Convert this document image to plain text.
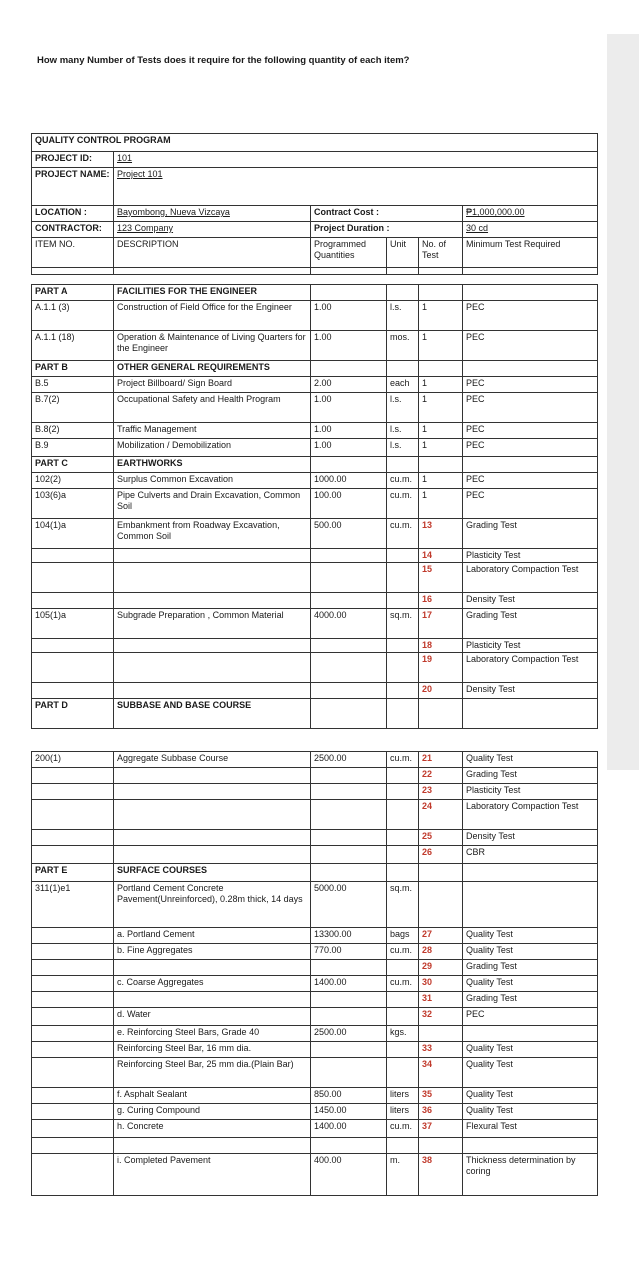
How many Number of Tests does it require for the following quantity of each item?
QUALITY CONTROL PROGRAM					
PROJECT ID:	101				
PROJECT NAME:	Project 101				
LOCATION :	Bayombong, Nueva Vizcaya	Contract Cost :			₱1,000,000.00
CONTRACTOR:	123 Company	Project Duration :			30 cd
ITEM NO.	DESCRIPTION	Programmed Quantities	Unit	No. of Test	Minimum Test Required

PART A	FACILITIES FOR THE ENGINEER				
A.1.1 (3)	Construction of Field Office for the Engineer	1.00	l.s.	1	PEC
A.1.1 (18)	Operation & Maintenance of Living Quarters for the Engineer	1.00	mos.	1	PEC
PART B	OTHER GENERAL REQUIREMENTS				
B.5	Project Billboard/ Sign Board	2.00	each	1	PEC
B.7(2)	Occupational Safety and Health Program	1.00	l.s.	1	PEC
B.8(2)	Traffic Management	1.00	l.s.	1	PEC
B.9	Mobilization / Demobilization	1.00	l.s.	1	PEC
PART C	EARTHWORKS				
102(2)	Surplus Common Excavation	1000.00	cu.m.	1	PEC
103(6)a	Pipe Culverts and Drain Excavation, Common Soil	100.00	cu.m.	1	PEC
104(1)a	Embankment from Roadway Excavation, Common Soil	500.00	cu.m.	13	Grading Test
				14	Plasticity Test
				15	Laboratory Compaction Test
				16	Density Test
105(1)a	Subgrade Preparation , Common Material	4000.00	sq.m.	17	Grading Test
				18	Plasticity Test
				19	Laboratory Compaction Test
				20	Density Test
PART D	SUBBASE AND BASE COURSE				
200(1)	Aggregate Subbase Course	2500.00	cu.m.	21	Quality Test
				22	Grading Test
				23	Plasticity Test
				24	Laboratory Compaction Test
				25	Density Test
				26	CBR
PART E	SURFACE COURSES				
311(1)e1	Portland Cement Concrete Pavement(Unreinforced), 0.28m thick, 14 days	5000.00	sq.m.		
	a. Portland Cement	13300.00	bags	27	Quality Test
	b. Fine Aggregates	770.00	cu.m.	28	Quality Test
				29	Grading Test
	c. Coarse Aggregates	1400.00	cu.m.	30	Quality Test
				31	Grading Test
	d. Water			32	PEC
	e. Reinforcing Steel Bars, Grade 40	2500.00	kgs.		
	Reinforcing Steel Bar, 16 mm dia.			33	Quality Test
	Reinforcing Steel Bar, 25 mm dia.(Plain Bar)			34	Quality Test
	f. Asphalt Sealant	850.00	liters	35	Quality Test
	g. Curing Compound	1450.00	liters	36	Quality Test
	h. Concrete	1400.00	cu.m.	37	Flexural Test

	i. Completed Pavement	400.00	m.	38	Thickness determination by coring
